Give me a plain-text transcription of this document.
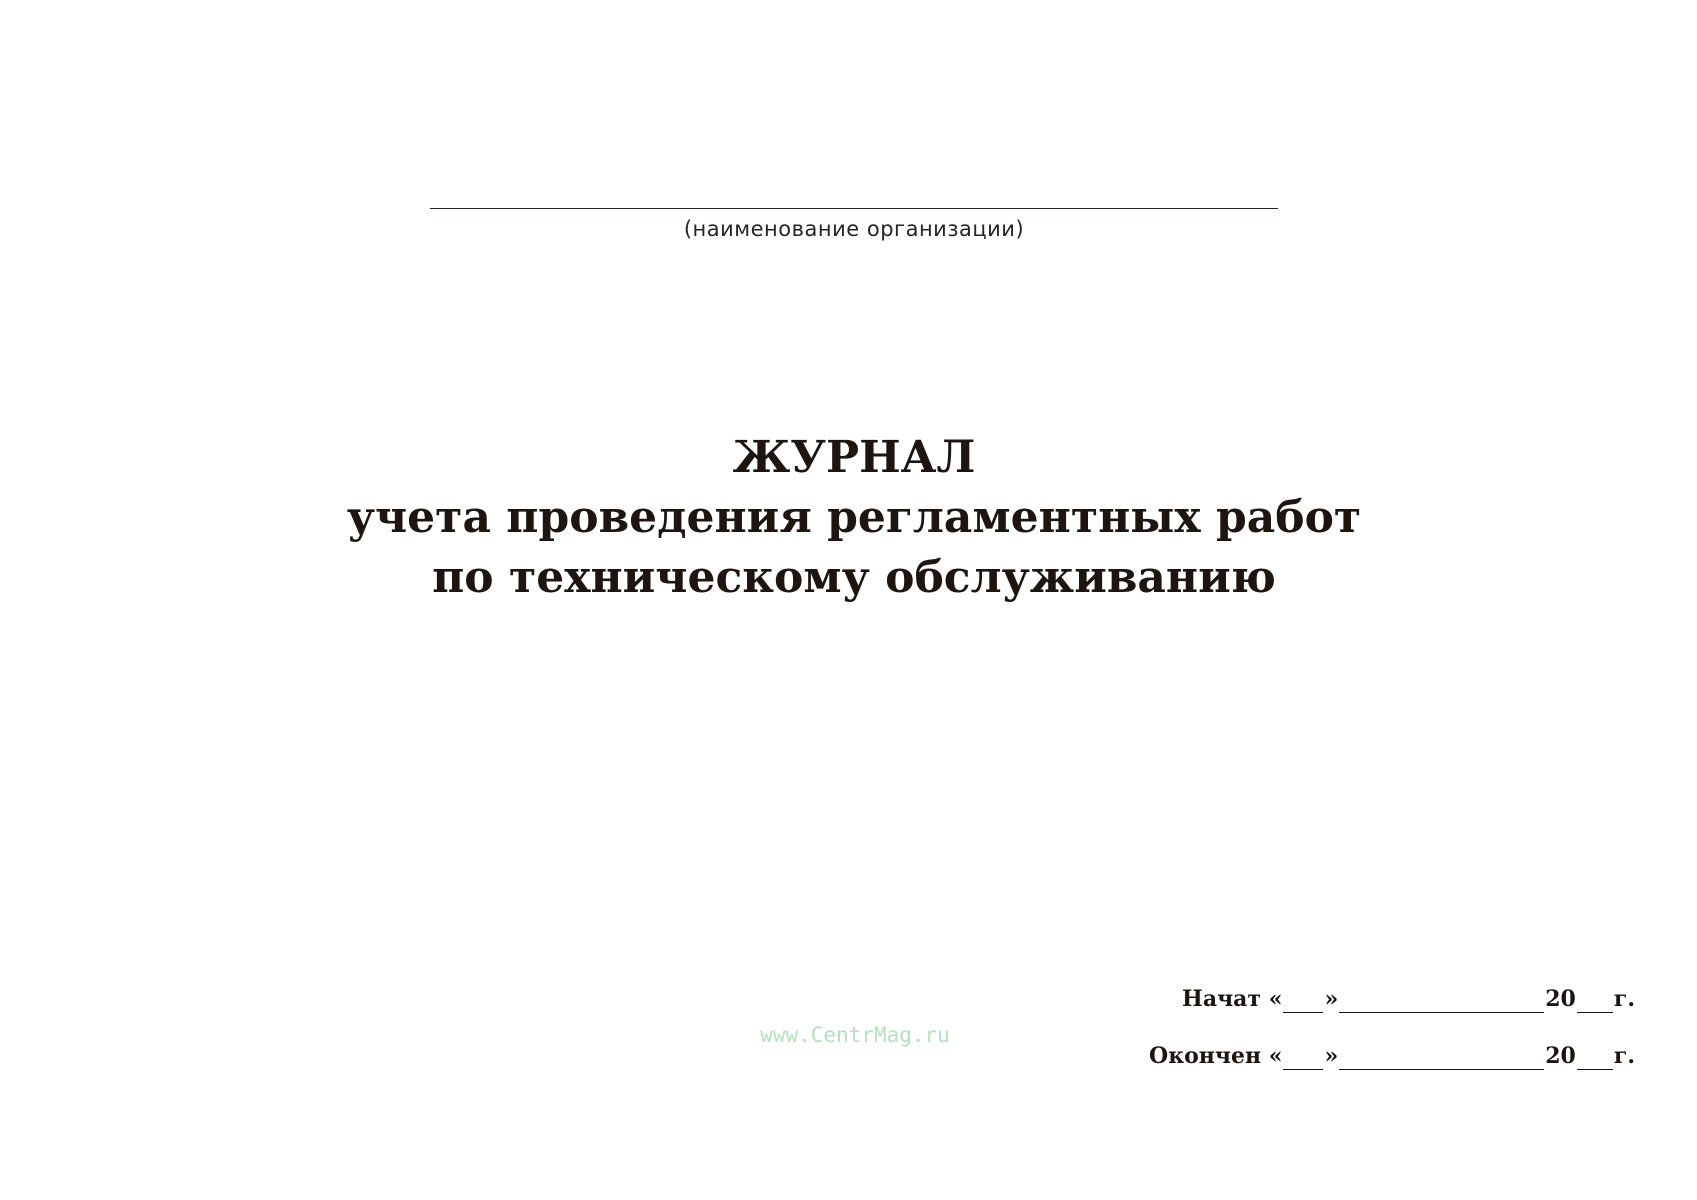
(наименование организации)
ЖУРНАЛ
учета проведения регламентных работ
по техническому обслуживанию
www.CentrMag.ru
Начат
« »	20 г.
Окончен
« »	20 г.
